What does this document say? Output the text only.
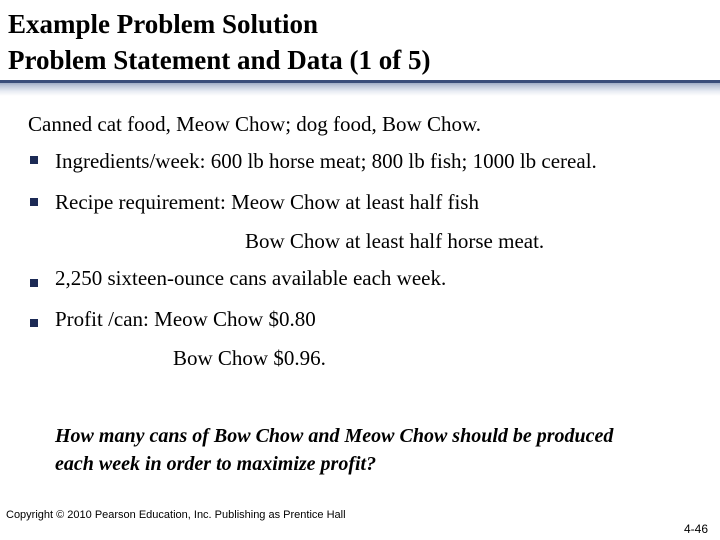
Example Problem Solution
Problem Statement and Data (1 of 5)
Canned cat food, Meow Chow; dog food, Bow Chow.
Ingredients/week: 600 lb horse meat; 800 lb fish; 1000 lb cereal.
Recipe requirement: Meow Chow at least half fish
Bow Chow at least half horse meat.
2,250 sixteen-ounce cans available each week.
Profit /can: Meow Chow $0.80
Bow Chow $0.96.
How many cans of Bow Chow and Meow Chow should be produced each week in order to maximize profit?
Copyright © 2010 Pearson Education, Inc. Publishing as Prentice Hall
4-46
